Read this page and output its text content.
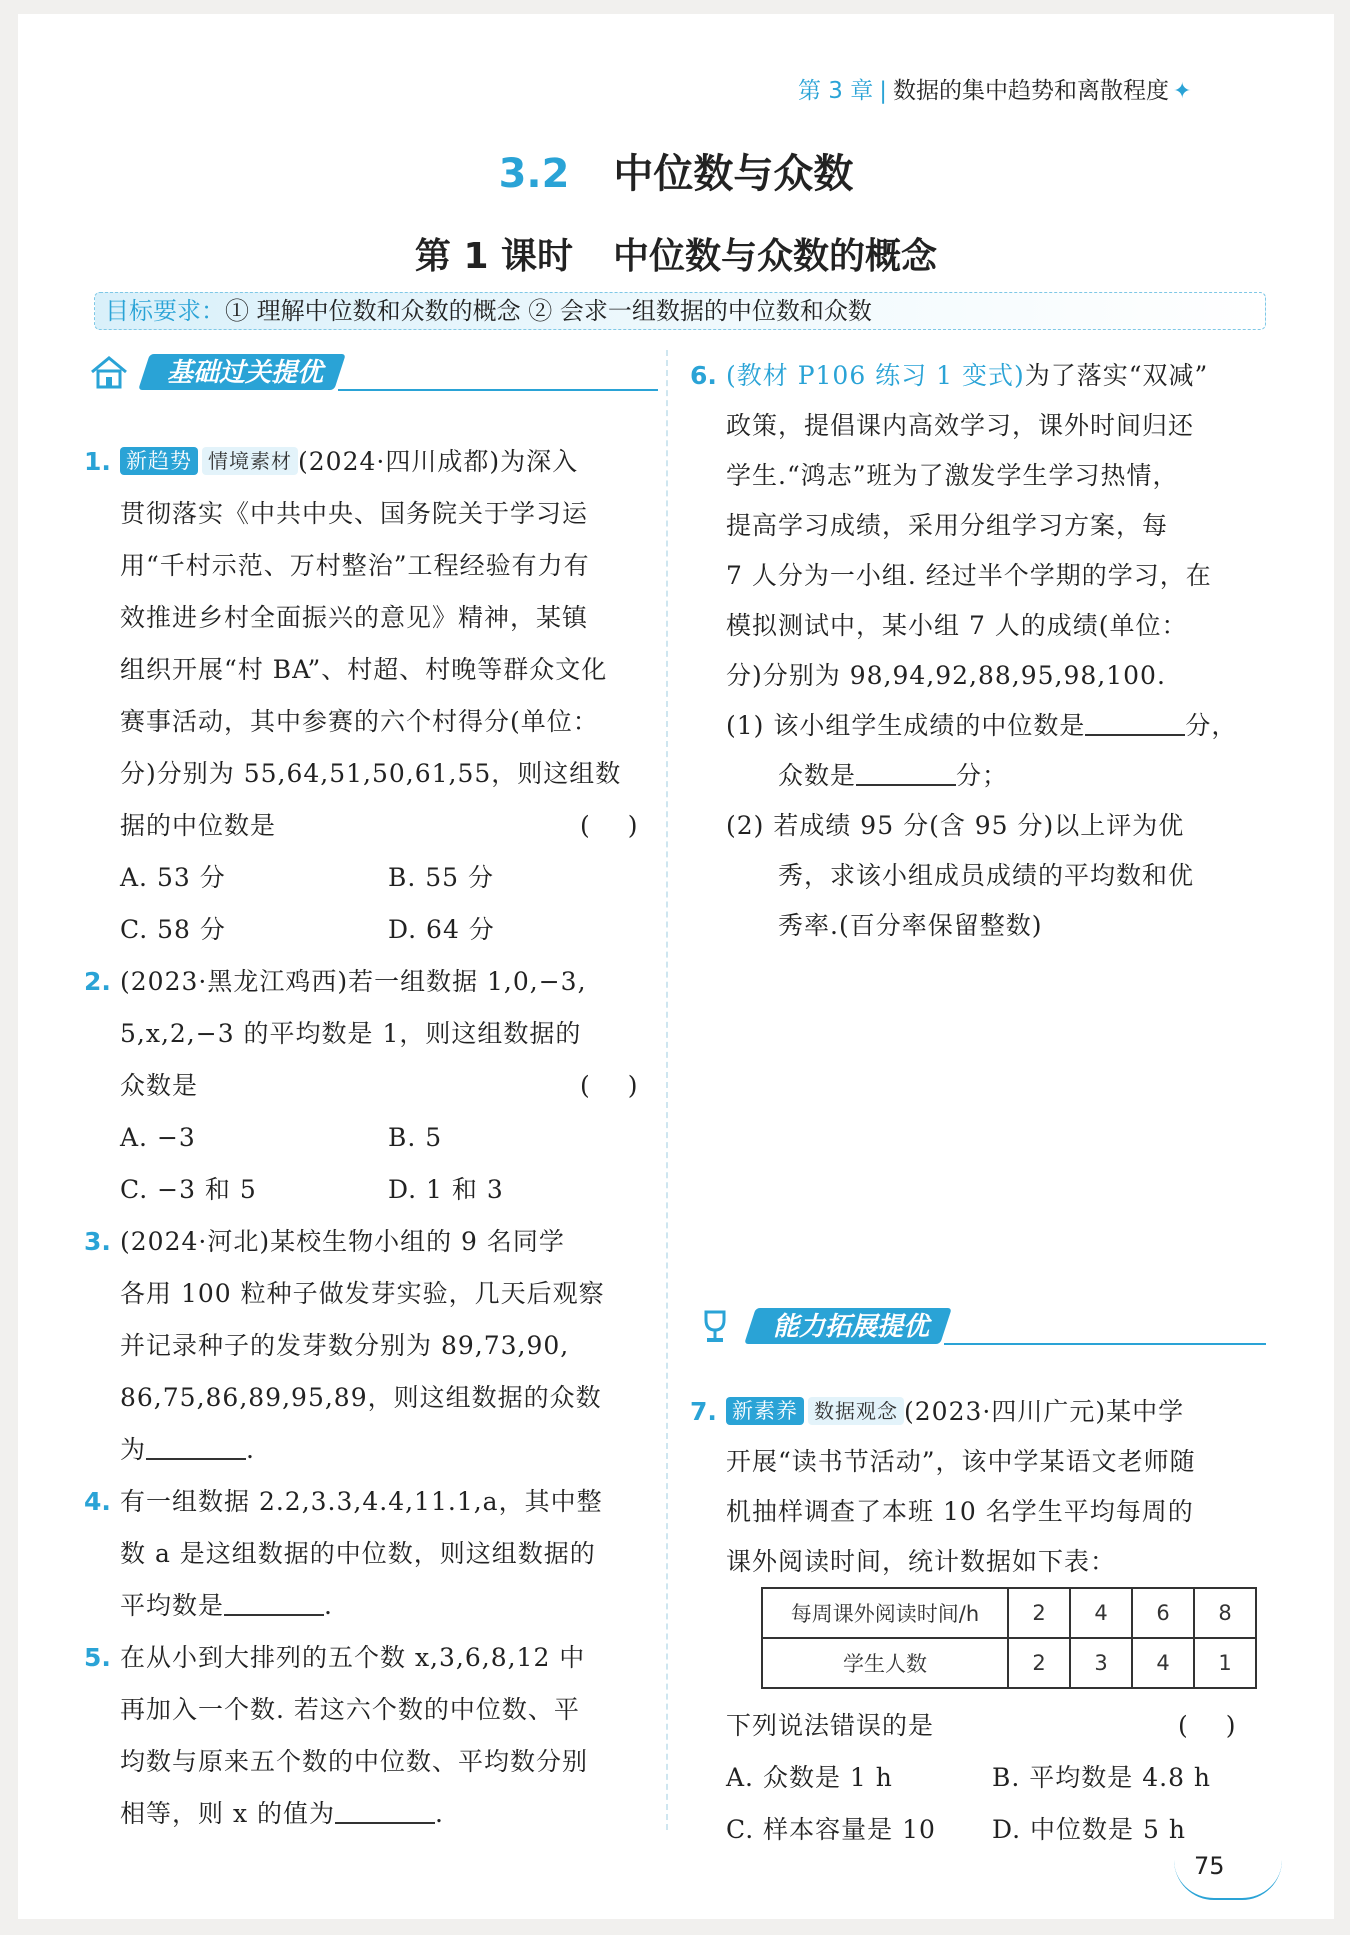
第 3 章 | 数据的集中趋势和离散程度 ✦
3.2 中位数与众数
第 1 课时 中位数与众数的概念
目标要求：① 理解中位数和众数的概念 ② 会求一组数据的中位数和众数
基础过关提优
1. 新趋势 情境素材 (2024·四川成都)为深入
贯彻落实《中共中央、国务院关于学习运
用“千村示范、万村整治”工程经验有力有
效推进乡村全面振兴的意见》精神，某镇
组织开展“村 BA”、村超、村晚等群众文化
赛事活动，其中参赛的六个村得分(单位：
分)分别为 55,64,51,50,61,55，则这组数
据的中位数是	()
A. 53 分	B. 55 分
C. 58 分	D. 64 分
2. (2023·黑龙江鸡西)若一组数据 1,0,−3,
5,x,2,−3 的平均数是 1，则这组数据的
众数是	()
A. −3	B. 5
C. −3 和 5	D. 1 和 3
3. (2024·河北)某校生物小组的 9 名同学
各用 100 粒种子做发芽实验，几天后观察
并记录种子的发芽数分别为 89,73,90,
86,75,86,89,95,89，则这组数据的众数
为	.
4. 有一组数据 2.2,3.3,4.4,11.1,a，其中整
数 a 是这组数据的中位数，则这组数据的
平均数是	.
5. 在从小到大排列的五个数 x,3,6,8,12 中
再加入一个数. 若这六个数的中位数、平
均数与原来五个数的中位数、平均数分别
相等，则 x 的值为	.
6. (教材 P106 练习 1 变式)为了落实“双减”
政策，提倡课内高效学习，课外时间归还
学生.“鸿志”班为了激发学生学习热情，
提高学习成绩，采用分组学习方案，每
7 人分为一小组. 经过半个学期的学习，在
模拟测试中，某小组 7 人的成绩(单位：
分)分别为 98,94,92,88,95,98,100.
(1) 该小组学生成绩的中位数是	分，
众数是	分；
(2) 若成绩 95 分(含 95 分)以上评为优
秀，求该小组成员成绩的平均数和优
秀率.(百分率保留整数)
能力拓展提优
7. 新素养 数据观念 (2023·四川广元)某中学
开展“读书节活动”，该中学某语文老师随
机抽样调查了本班 10 名学生平均每周的
课外阅读时间，统计数据如下表：
每周课外阅读时间/h	2	4	6	8
学生人数	2	3	4	1
下列说法错误的是	()
A. 众数是 1 h	B. 平均数是 4.8 h
C. 样本容量是 10 D. 中位数是 5 h
75
